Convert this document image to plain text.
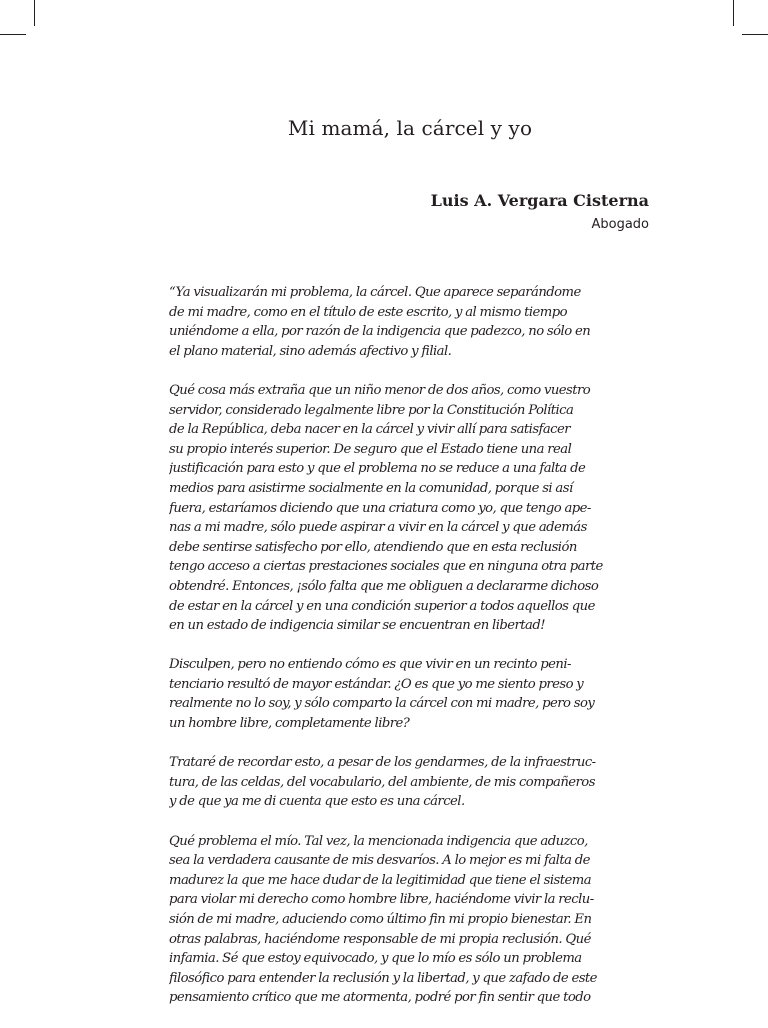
Mi mamá, la cárcel y yo
Luis A. Vergara Cisterna
Abogado

“Ya visualizarán mi problema, la cárcel. Que aparece separándome
de mi madre, como en el título de este escrito, y al mismo tiempo
uniéndome a ella, por razón de la indigencia que padezco, no sólo en
el plano material, sino además afectivo y filial.

Qué cosa más extraña que un niño menor de dos años, como vuestro
servidor, considerado legalmente libre por la Constitución Política
de la República, deba nacer en la cárcel y vivir allí para satisfacer
su propio interés superior. De seguro que el Estado tiene una real
justificación para esto y que el problema no se reduce a una falta de
medios para asistirme socialmente en la comunidad, porque si así
fuera, estaríamos diciendo que una criatura como yo, que tengo ape-
nas a mi madre, sólo puede aspirar a vivir en la cárcel y que además
debe sentirse satisfecho por ello, atendiendo que en esta reclusión
tengo acceso a ciertas prestaciones sociales que en ninguna otra parte
obtendré. Entonces, ¡sólo falta que me obliguen a declararme dichoso
de estar en la cárcel y en una condición superior a todos aquellos que
en un estado de indigencia similar se encuentran en libertad!

Disculpen, pero no entiendo cómo es que vivir en un recinto peni-
tenciario resultó de mayor estándar. ¿O es que yo me siento preso y
realmente no lo soy, y sólo comparto la cárcel con mi madre, pero soy
un hombre libre, completamente libre?

Trataré de recordar esto, a pesar de los gendarmes, de la infraestruc-
tura, de las celdas, del vocabulario, del ambiente, de mis compañeros
y de que ya me di cuenta que esto es una cárcel.

Qué problema el mío. Tal vez, la mencionada indigencia que aduzco,
sea la verdadera causante de mis desvaríos. A lo mejor es mi falta de
madurez la que me hace dudar de la legitimidad que tiene el sistema
para violar mi derecho como hombre libre, haciéndome vivir la reclu-
sión de mi madre, aduciendo como último fin mi propio bienestar. En
otras palabras, haciéndome responsable de mi propia reclusión. Qué
infamia. Sé que estoy equivocado, y que lo mío es sólo un problema
filosófico para entender la reclusión y la libertad, y que zafado de este
pensamiento crítico que me atormenta, podré por fin sentir que todo
